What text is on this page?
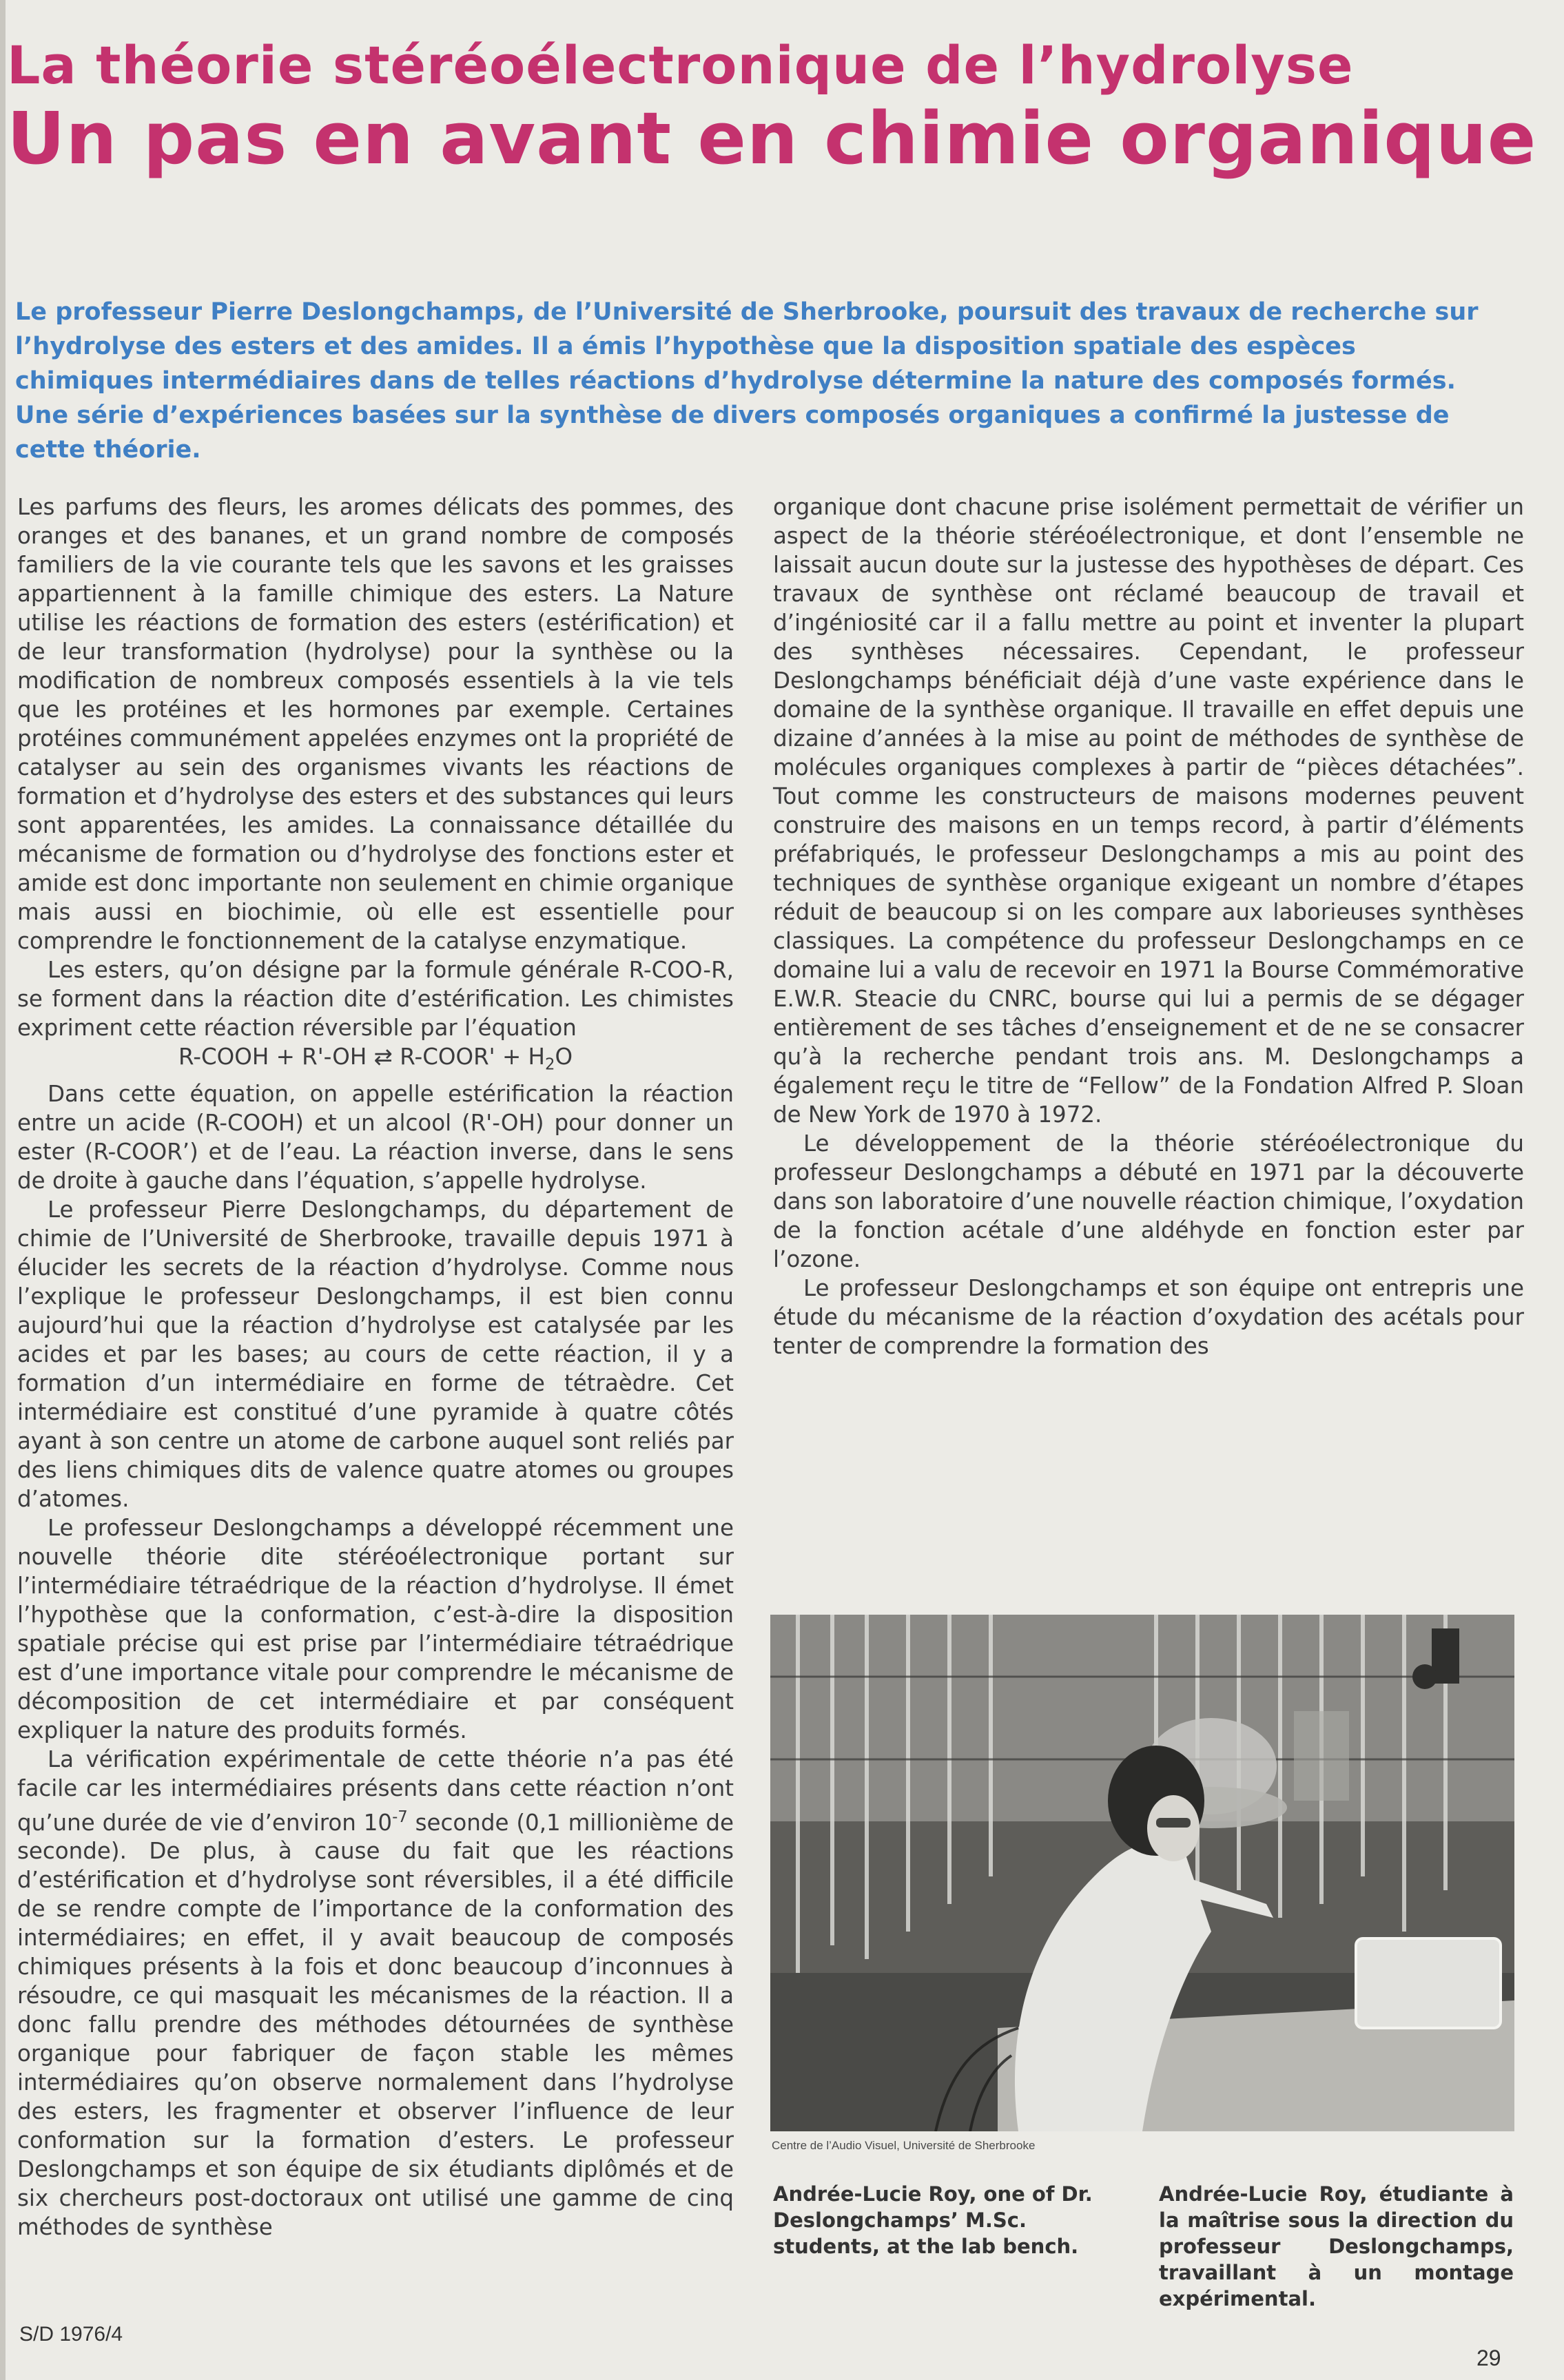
La théorie stéréoélectronique de l’hydrolyse
Un pas en avant en chimie organique

Le professeur Pierre Deslongchamps, de l’Université de Sherbrooke, poursuit des travaux de recherche sur l’hydrolyse des esters et des amides. Il a émis l’hypothèse que la disposition spatiale des espèces chimiques intermédiaires dans de telles réactions d’hydrolyse détermine la nature des composés formés. Une série d’expériences basées sur la synthèse de divers composés organiques a confirmé la justesse de cette théorie.

Les parfums des fleurs, les aromes délicats des pommes, des oranges et des bananes, et un grand nombre de composés familiers de la vie courante tels que les savons et les graisses appartiennent à la famille chimique des esters. La Nature utilise les réactions de formation des esters (estérification) et de leur transformation (hydrolyse) pour la synthèse ou la modification de nombreux composés essentiels à la vie tels que les protéines et les hormones par exemple. Certaines protéines communément appelées enzymes ont la propriété de catalyser au sein des organismes vivants les réactions de formation et d’hydrolyse des esters et des substances qui leurs sont apparentées, les amides. La connaissance détaillée du mécanisme de formation ou d’hydrolyse des fonctions ester et amide est donc importante non seulement en chimie organique mais aussi en biochimie, où elle est essentielle pour comprendre le fonctionnement de la catalyse enzymatique.

Les esters, qu’on désigne par la formule générale R-COO-R, se forment dans la réaction dite d’estérification. Les chimistes expriment cette réaction réversible par l’équation

R-COOH + R'-OH ⇄ R-COOR' + $H_2O$

Dans cette équation, on appelle estérification la réaction entre un acide (R-COOH) et un alcool (R'-OH) pour donner un ester (R-COOR’) et de l’eau. La réaction inverse, dans le sens de droite à gauche dans l’équation, s’appelle hydrolyse.

Le professeur Pierre Deslongchamps, du département de chimie de l’Université de Sherbrooke, travaille depuis 1971 à élucider les secrets de la réaction d’hydrolyse. Comme nous l’explique le professeur Deslongchamps, il est bien connu aujourd’hui que la réaction d’hydrolyse est catalysée par les acides et par les bases; au cours de cette réaction, il y a formation d’un intermédiaire en forme de tétraèdre. Cet intermédiaire est constitué d’une pyramide à quatre côtés ayant à son centre un atome de carbone auquel sont reliés par des liens chimiques dits de valence quatre atomes ou groupes d’atomes.

Le professeur Deslongchamps a développé récemment une nouvelle théorie dite stéréoélectronique portant sur l’intermédiaire tétraédrique de la réaction d’hydrolyse. Il émet l’hypothèse que la conformation, c’est-à-dire la disposition spatiale précise qui est prise par l’intermédiaire tétraédrique est d’une importance vitale pour comprendre le mécanisme de décomposition de cet intermédiaire et par conséquent expliquer la nature des produits formés.

La vérification expérimentale de cette théorie n’a pas été facile car les intermédiaires présents dans cette réaction n’ont qu’une durée de vie d’environ $10^{-7}$ seconde (0,1 millionième de seconde). De plus, à cause du fait que les réactions d’estérification et d’hydrolyse sont réversibles, il a été difficile de se rendre compte de l’importance de la conformation des intermédiaires; en effet, il y avait beaucoup de composés chimiques présents à la fois et donc beaucoup d’inconnues à résoudre, ce qui masquait les mécanismes de la réaction. Il a donc fallu prendre des méthodes détournées de synthèse organique pour fabriquer de façon stable les mêmes intermédiaires qu’on observe normalement dans l’hydrolyse des esters, les fragmenter et observer l’influence de leur conformation sur la formation d’esters. Le professeur Deslongchamps et son équipe de six étudiants diplômés et de six chercheurs post-doctoraux ont utilisé une gamme de cinq méthodes de synthèse

organique dont chacune prise isolément permettait de vérifier un aspect de la théorie stéréoélectronique, et dont l’ensemble ne laissait aucun doute sur la justesse des hypothèses de départ. Ces travaux de synthèse ont réclamé beaucoup de travail et d’ingéniosité car il a fallu mettre au point et inventer la plupart des synthèses nécessaires. Cependant, le professeur Deslongchamps bénéficiait déjà d’une vaste expérience dans le domaine de la synthèse organique. Il travaille en effet depuis une dizaine d’années à la mise au point de méthodes de synthèse de molécules organiques complexes à partir de “pièces détachées”. Tout comme les constructeurs de maisons modernes peuvent construire des maisons en un temps record, à partir d’éléments préfabriqués, le professeur Deslongchamps a mis au point des techniques de synthèse organique exigeant un nombre d’étapes réduit de beaucoup si on les compare aux laborieuses synthèses classiques. La compétence du professeur Deslongchamps en ce domaine lui a valu de recevoir en 1971 la Bourse Commémorative E.W.R. Steacie du CNRC, bourse qui lui a permis de se dégager entièrement de ses tâches d’enseignement et de ne se consacrer qu’à la recherche pendant trois ans. M. Deslongchamps a également reçu le titre de “Fellow” de la Fondation Alfred P. Sloan de New York de 1970 à 1972.

Le développement de la théorie stéréoélectronique du professeur Deslongchamps a débuté en 1971 par la découverte dans son laboratoire d’une nouvelle réaction chimique, l’oxydation de la fonction acétale d’une aldéhyde en fonction ester par l’ozone.

Le professeur Deslongchamps et son équipe ont entrepris une étude du mécanisme de la réaction d’oxydation des acétals pour tenter de comprendre la formation des

Centre de l’Audio Visuel, Université de Sherbrooke

Andrée-Lucie Roy, one of Dr. Deslongchamps’ M.Sc. students, at the lab bench.

Andrée-Lucie Roy, étudiante à la maîtrise sous la direction du professeur Deslongchamps, travaillant à un montage expérimental.

S/D 1976/4

29
